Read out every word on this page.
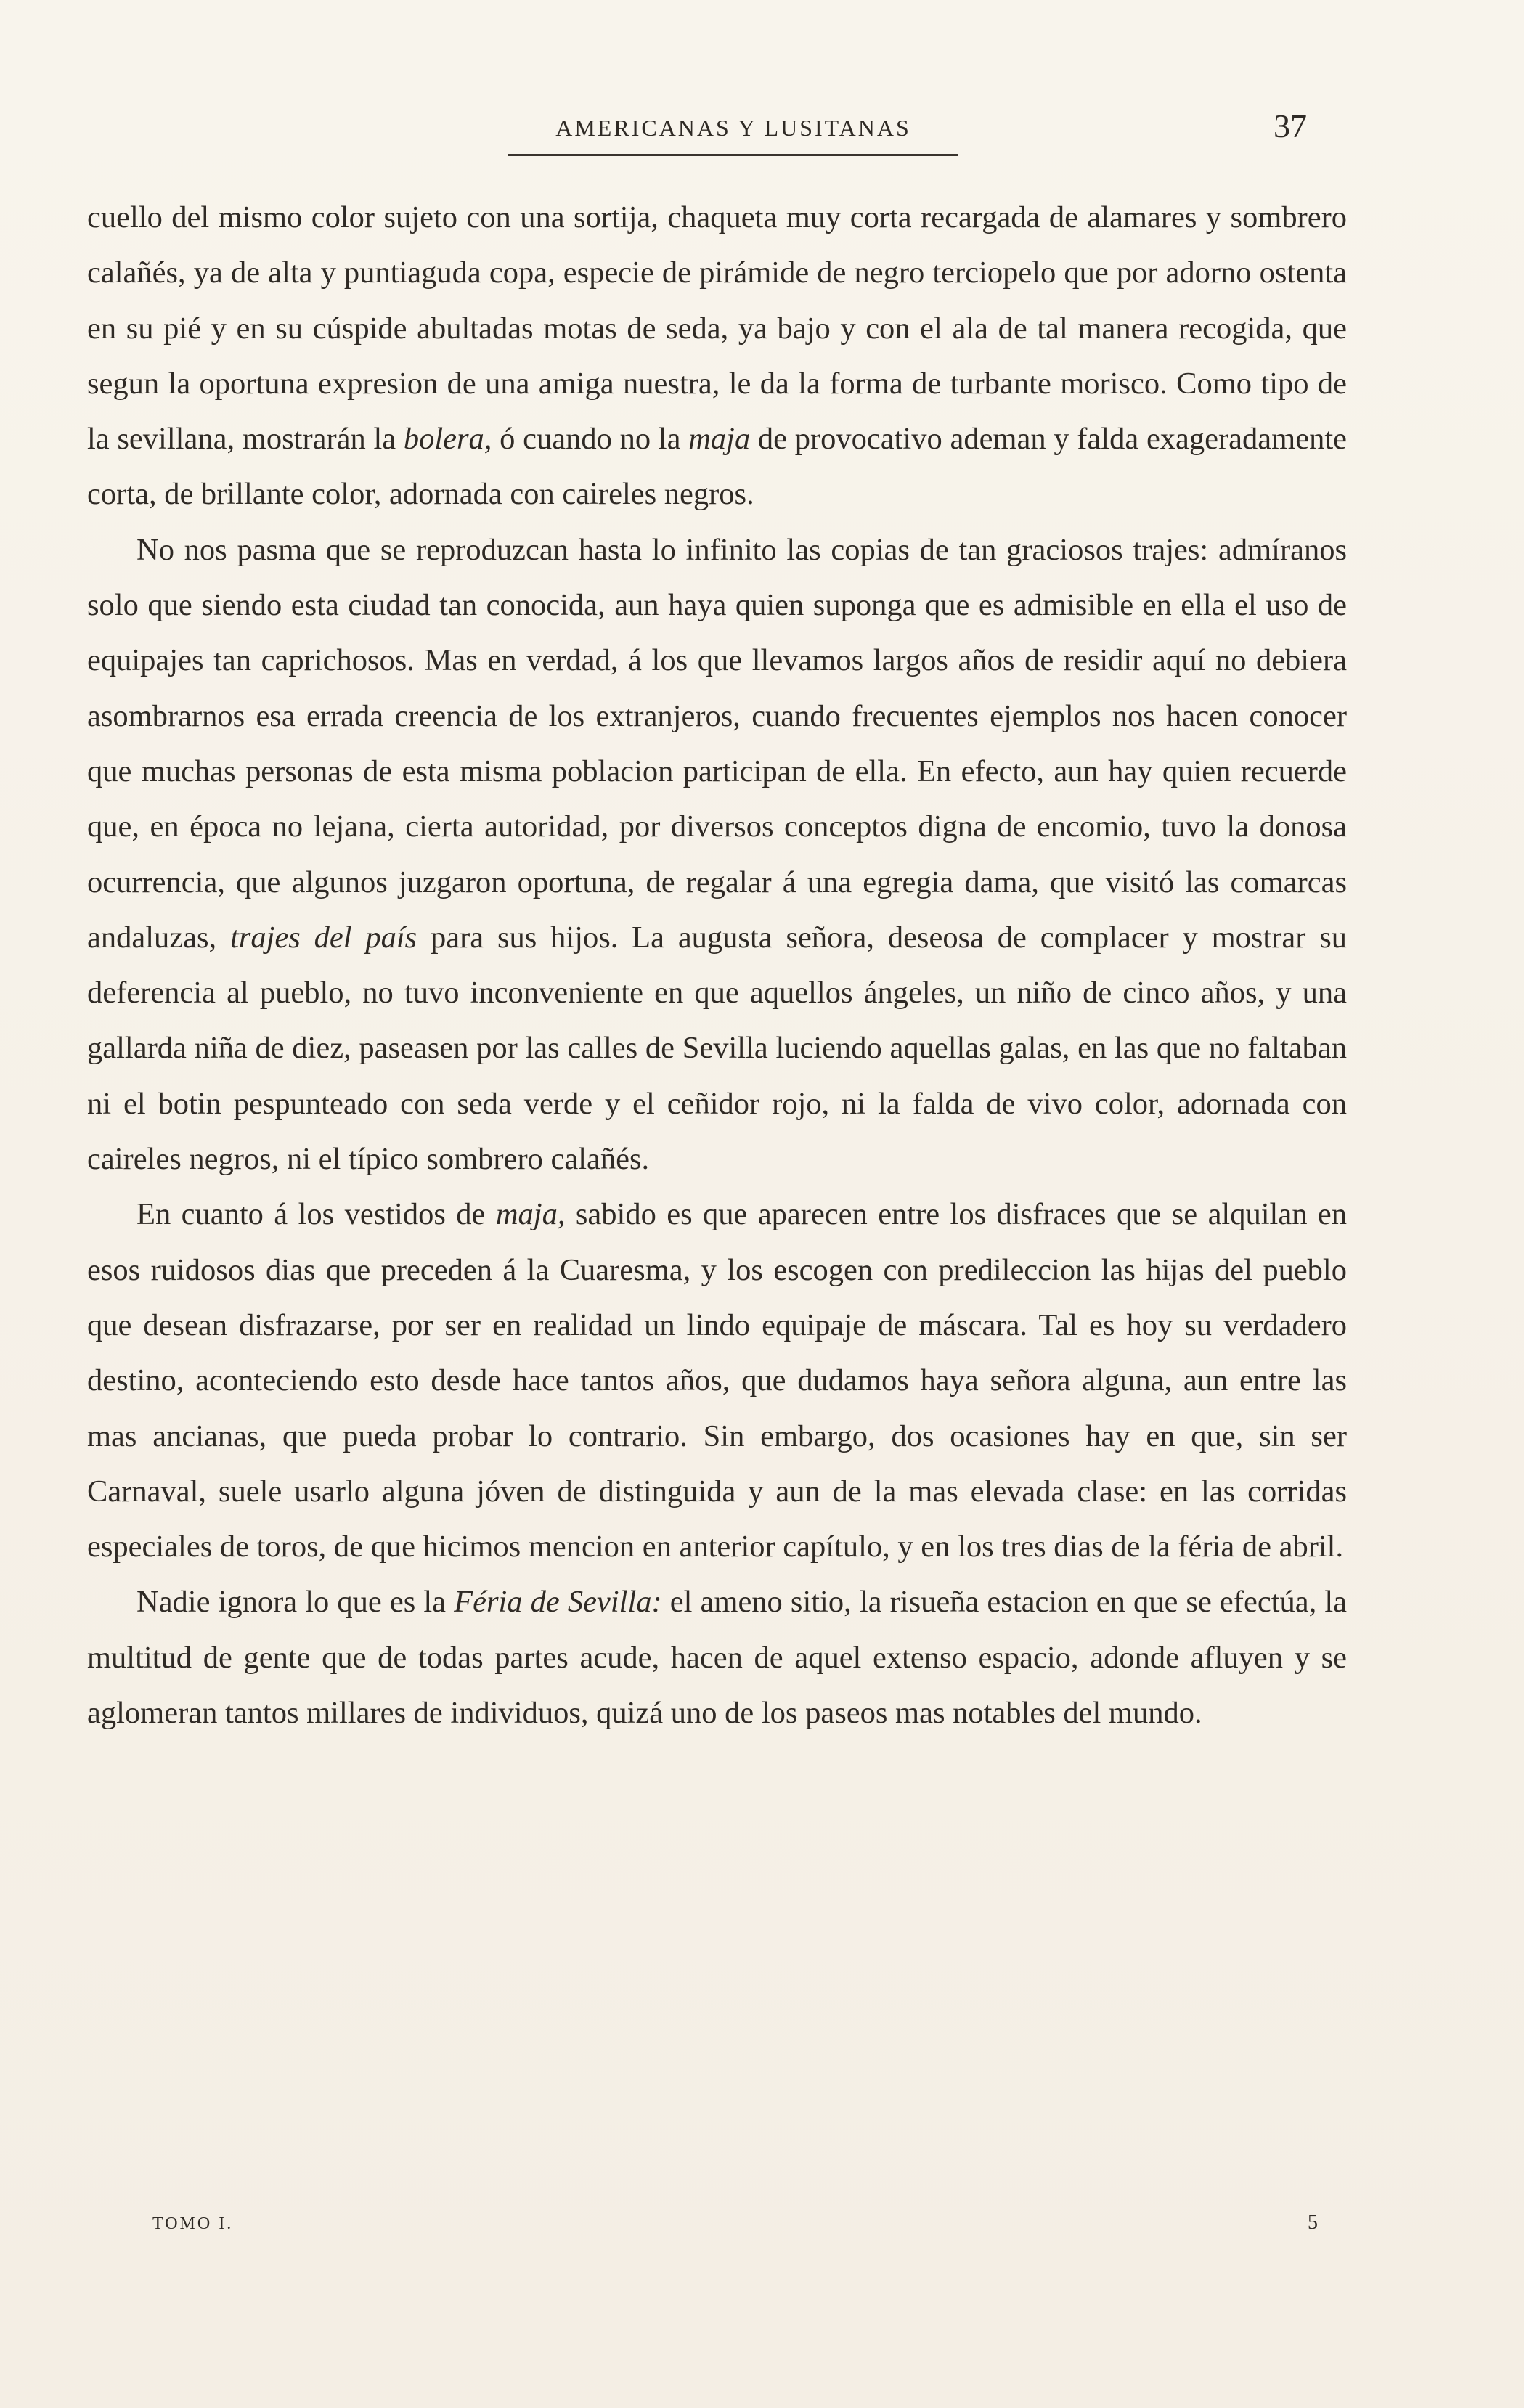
AMERICANAS Y LUSITANAS	37

cuello del mismo color sujeto con una sortija, chaqueta muy corta recargada de alamares y sombrero calañés, ya de alta y puntiaguda copa, especie de pirámide de negro terciopelo que por adorno ostenta en su pié y en su cúspide abultadas motas de seda, ya bajo y con el ala de tal manera recogida, que segun la oportuna expresion de una amiga nuestra, le da la forma de turbante morisco. Como tipo de la sevillana, mostrarán la bolera, ó cuando no la maja de provocativo ademan y falda exageradamente corta, de brillante color, adornada con caireles negros.

No nos pasma que se reproduzcan hasta lo infinito las copias de tan graciosos trajes: admíranos solo que siendo esta ciudad tan conocida, aun haya quien suponga que es admisible en ella el uso de equipajes tan caprichosos. Mas en verdad, á los que llevamos largos años de residir aquí no debiera asombrarnos esa errada creencia de los extranjeros, cuando frecuentes ejemplos nos hacen conocer que muchas personas de esta misma poblacion participan de ella. En efecto, aun hay quien recuerde que, en época no lejana, cierta autoridad, por diversos conceptos digna de encomio, tuvo la donosa ocurrencia, que algunos juzgaron oportuna, de regalar á una egregia dama, que visitó las comarcas andaluzas, trajes del país para sus hijos. La augusta señora, deseosa de complacer y mostrar su deferencia al pueblo, no tuvo inconveniente en que aquellos ángeles, un niño de cinco años, y una gallarda niña de diez, paseasen por las calles de Sevilla luciendo aquellas galas, en las que no faltaban ni el botin pespunteado con seda verde y el ceñidor rojo, ni la falda de vivo color, adornada con caireles negros, ni el típico sombrero calañés.

En cuanto á los vestidos de maja, sabido es que aparecen entre los disfraces que se alquilan en esos ruidosos dias que preceden á la Cuaresma, y los escogen con predileccion las hijas del pueblo que desean disfrazarse, por ser en realidad un lindo equipaje de máscara. Tal es hoy su verdadero destino, aconteciendo esto desde hace tantos años, que dudamos haya señora alguna, aun entre las mas ancianas, que pueda probar lo contrario. Sin embargo, dos ocasiones hay en que, sin ser Carnaval, suele usarlo alguna jóven de distinguida y aun de la mas elevada clase: en las corridas especiales de toros, de que hicimos mencion en anterior capítulo, y en los tres dias de la féria de abril.

Nadie ignora lo que es la Féria de Sevilla: el ameno sitio, la risueña estacion en que se efectúa, la multitud de gente que de todas partes acude, hacen de aquel extenso espacio, adonde afluyen y se aglomeran tantos millares de individuos, quizá uno de los paseos mas notables del mundo.

TOMO I.	5
